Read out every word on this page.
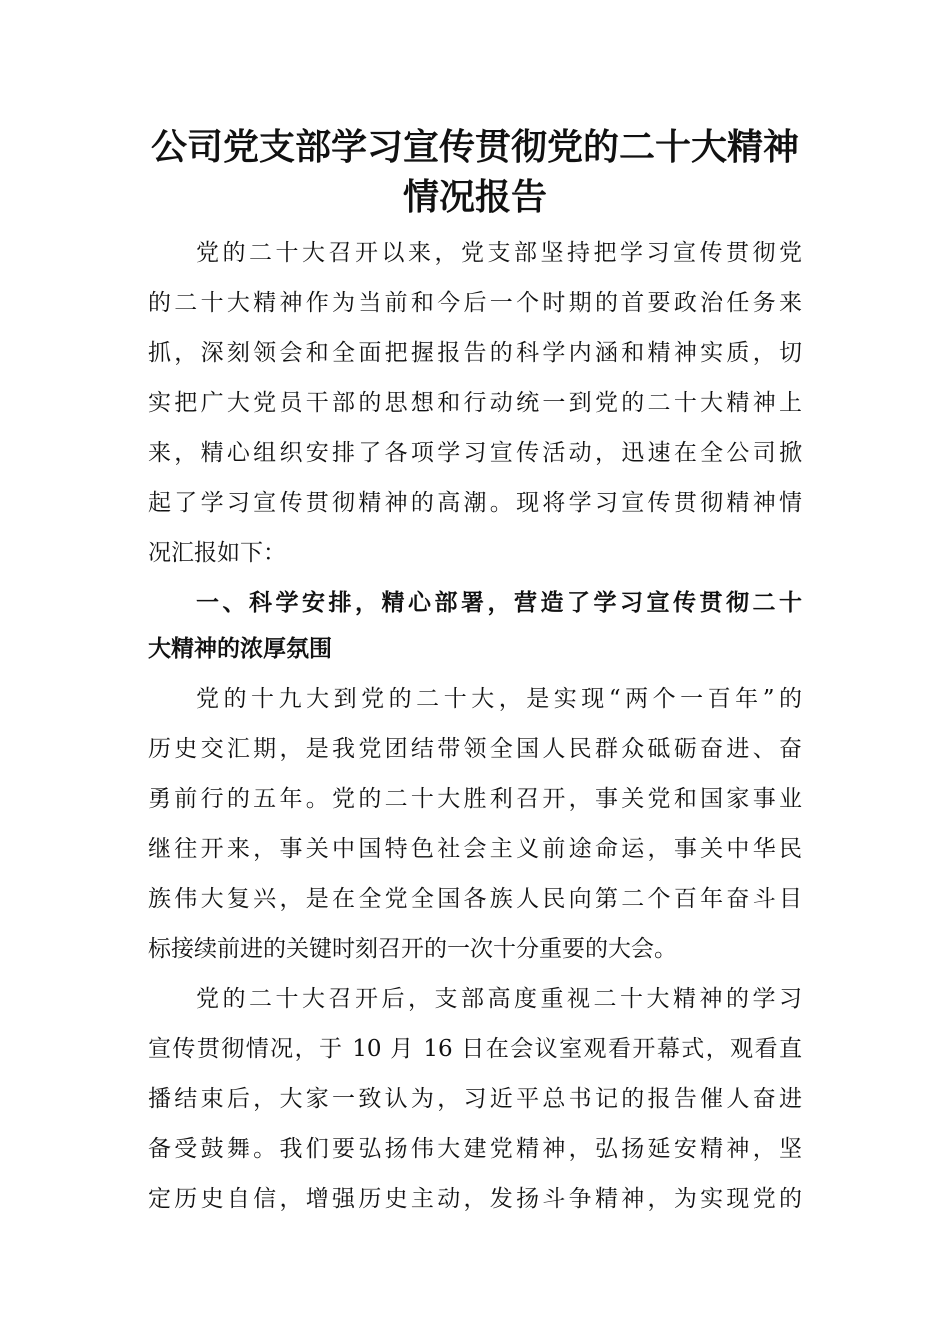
公司党支部学习宣传贯彻党的二十大精神
情况报告
党的二十大召开以来，党支部坚持把学习宣传贯彻党
的二十大精神作为当前和今后一个时期的首要政治任务来
抓，深刻领会和全面把握报告的科学内涵和精神实质，切
实把广大党员干部的思想和行动统一到党的二十大精神上
来，精心组织安排了各项学习宣传活动，迅速在全公司掀
起了学习宣传贯彻精神的高潮。现将学习宣传贯彻精神情
况汇报如下：
一、科学安排，精心部署，营造了学习宣传贯彻二十
大精神的浓厚氛围
党的十九大到党的二十大，是实现“两个一百年”的
历史交汇期，是我党团结带领全国人民群众砥砺奋进、奋
勇前行的五年。党的二十大胜利召开，事关党和国家事业
继往开来，事关中国特色社会主义前途命运，事关中华民
族伟大复兴，是在全党全国各族人民向第二个百年奋斗目
标接续前进的关键时刻召开的一次十分重要的大会。
党的二十大召开后，支部高度重视二十大精神的学习
宣传贯彻情况，于 10 月 16 日在会议室观看开幕式，观看直
播结束后，大家一致认为，习近平总书记的报告催人奋进
备受鼓舞。我们要弘扬伟大建党精神，弘扬延安精神，坚
定历史自信，增强历史主动，发扬斗争精神，为实现党的
